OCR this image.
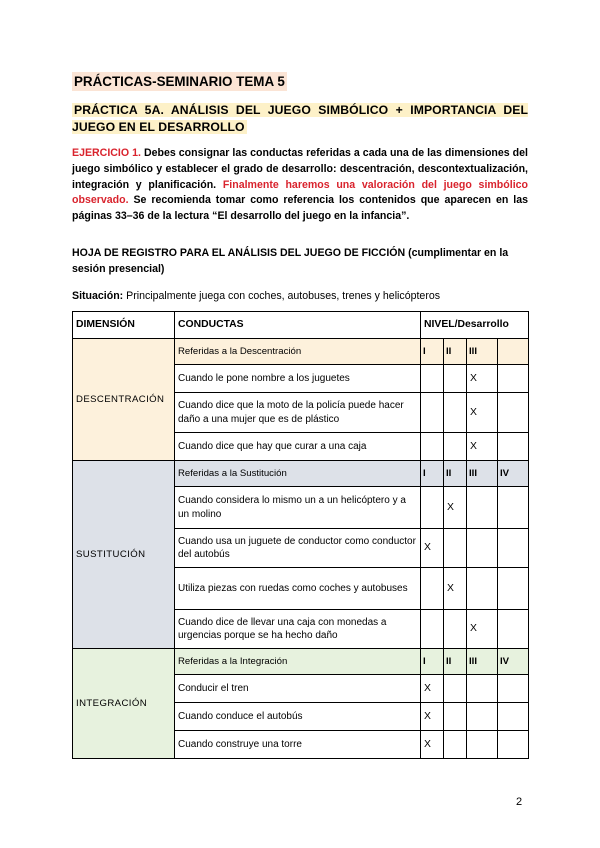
PRÁCTICAS-SEMINARIO TEMA 5

PRÁCTICA 5A. ANÁLISIS DEL JUEGO SIMBÓLICO + IMPORTANCIA DEL JUEGO EN EL DESARROLLO

EJERCICIO 1. Debes consignar las conductas referidas a cada una de las dimensiones del juego simbólico y establecer el grado de desarrollo: descentración, descontextualización, integración y planificación. Finalmente haremos una valoración del juego simbólico observado. Se recomienda tomar como referencia los contenidos que aparecen en las páginas 33–36 de la lectura “El desarrollo del juego en la infancia”.

HOJA DE REGISTRO PARA EL ANÁLISIS DEL JUEGO DE FICCIÓN (cumplimentar en la sesión presencial)

Situación: Principalmente juega con coches, autobuses, trenes y helicópteros

DIMENSIÓN	CONDUCTAS	NIVEL/Desarrollo			
DESCENTRACIÓN	Referidas a la Descentración	I	II	III	
	Cuando le pone nombre a los juguetes			X	
	Cuando dice que la moto de la policía puede hacer daño a una mujer que es de plástico			X	
	Cuando dice que hay que curar a una caja			X	
SUSTITUCIÓN	Referidas a la Sustitución	I	II	III	IV
	Cuando considera lo mismo un a un helicóptero y a un molino		X		
	Cuando usa un juguete de conductor como conductor del autobús	X			
	Utiliza piezas con ruedas como coches y autobuses		X		
	Cuando dice de llevar una caja con monedas a urgencias porque se ha hecho daño			X	
INTEGRACIÓN	Referidas a la Integración	I	II	III	IV
	Conducir el tren	X			
	Cuando conduce el autobús	X			
	Cuando construye una torre	X			

2
